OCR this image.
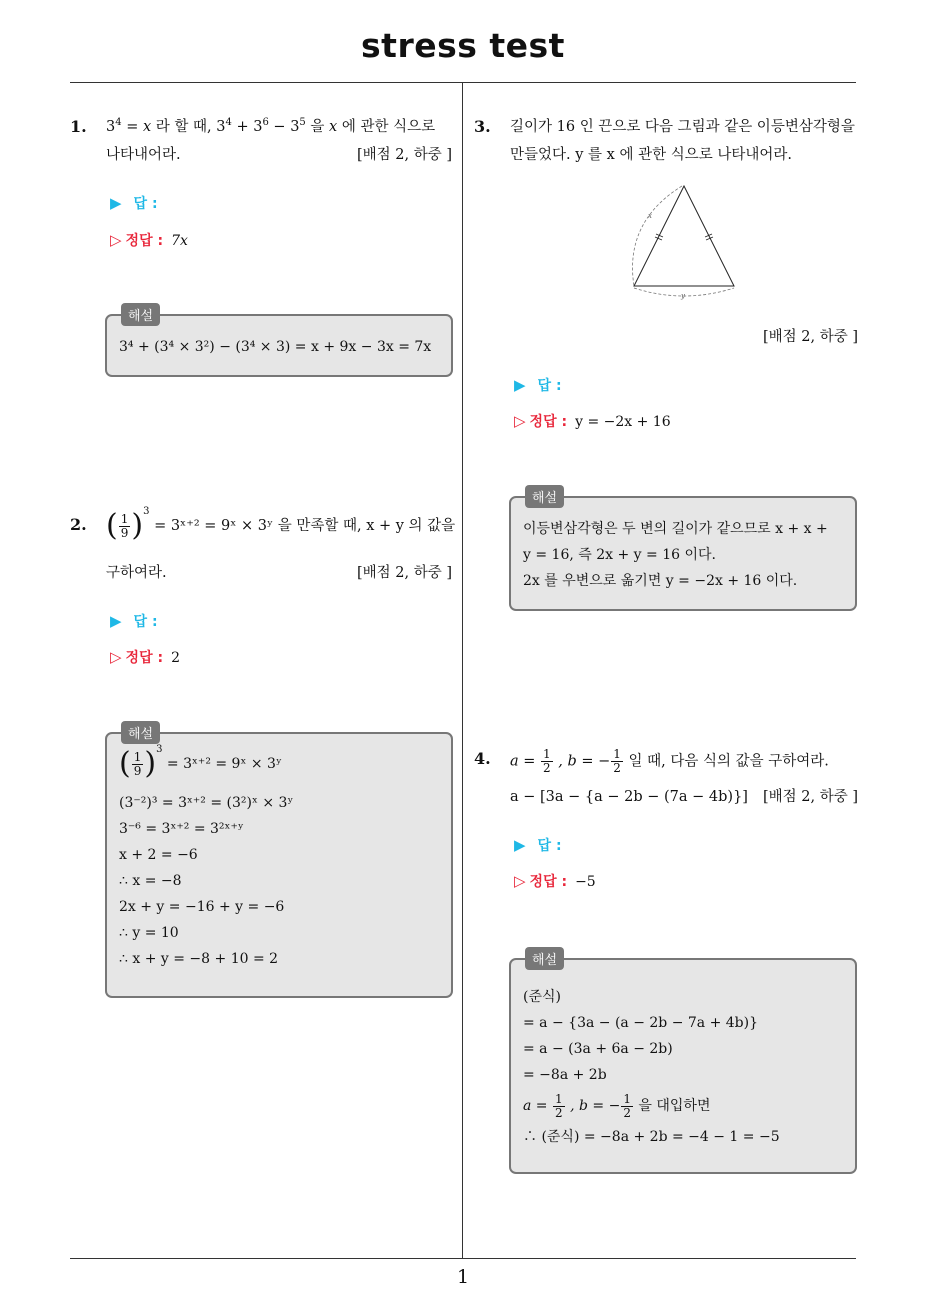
stress test
1
1. $3^4 = x$ 라 할 때, $3^4 + 3^6 - 3^5$ 을 x 에 관한 식으로
나타내어라.	[배점 2, 하중 ]
▶ 답 :
▷ 정답 : 7x
해설
3⁴ + (3⁴ × 3²) − (3⁴ × 3) = x + 9x − 3x = 7x
2. ( $\frac{1}{9} )^3$ = 3ˣ⁺² = 9ˣ × 3ʸ 을 만족할 때, x + y 의 값을
구하여라.	[배점 2, 하중 ]
▶ 답 :
▷ 정답 : 2
해설
( $\frac{1}{9} )^3$ = 3ˣ⁺² = 9ˣ × 3ʸ
(3⁻²)³ = 3ˣ⁺² = (3²)ˣ × 3ʸ
3⁻⁶ = 3ˣ⁺² = 3²ˣ⁺ʸ
x + 2 = −6
∴ x = −8
2x + y = −16 + y = −6
∴ y = 10
∴ x + y = −8 + 10 = 2
3. 길이가 16 인 끈으로 다음 그림과 같은 이등변삼각형을
만들었다. y 를 x 에 관한 식으로 나타내어라.
x
y
[배점 2, 하중 ]
▶ 답 :
▷ 정답 : y = −2x + 16
해설
이등변삼각형은 두 변의 길이가 같으므로 x + x +
y = 16, 즉 2x + y = 16 이다.
2x 를 우변으로 옮기면 y = −2x + 16 이다.
4. $a = \frac{1}{2}$ , b = − $\frac{1}{2}$ 일 때, 다음 식의 값을 구하여라.
a − [3a − {a − 2b − (7a − 4b)}] [배점 2, 하중 ]
▶ 답 :
▷ 정답 : −5
해설
(준식)
= a − {3a − (a − 2b − 7a + 4b)}
= a − (3a + 6a − 2b)
= −8a + 2b
$a = \frac{1}{2}$ , b = − $\frac{1}{2}$ 을 대입하면
∴ (준식) = −8a + 2b = −4 − 1 = −5
